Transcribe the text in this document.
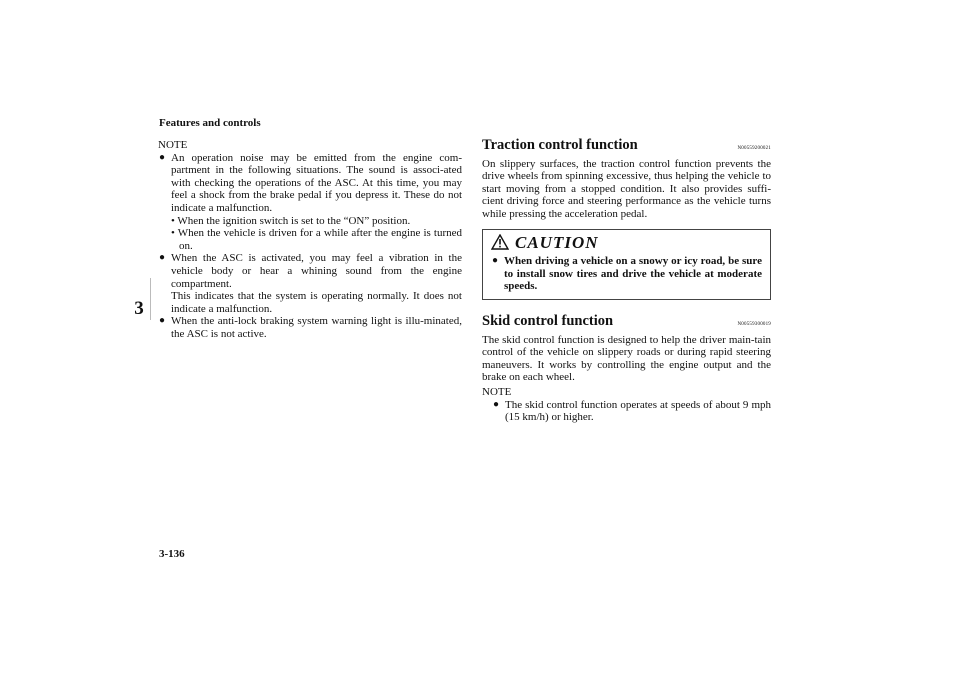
Features and controls
3

NOTE

● An operation noise may be emitted from the engine com-partment in the following situations. The sound is associ-ated with checking the operations of the ASC. At this time, you may feel a shock from the brake pedal if you depress it. These do not indicate a malfunction.

• When the ignition switch is set to the “ON” position.

• When the vehicle is driven for a while after the engine is turned on.

● When the ASC is activated, you may feel a vibration in the vehicle body or hear a whining sound from the engine compartment.

This indicates that the system is operating normally. It does not indicate a malfunction.

● When the anti-lock braking system warning light is illu-minated, the ASC is not active.

Traction control function	N00559200021

On slippery surfaces, the traction control function prevents the drive wheels from spinning excessive, thus helping the vehicle to start moving from a stopped condition. It also provides suffi-cient driving force and steering performance as the vehicle turns while pressing the acceleration pedal.

CAUTION
● When driving a vehicle on a snowy or icy road, be sure to install snow tires and drive the vehicle at moderate speeds.

Skid control function	N00559300019

The skid control function is designed to help the driver main-tain control of the vehicle on slippery roads or during rapid steering maneuvers. It works by controlling the engine output and the brake on each wheel.

NOTE

● The skid control function operates at speeds of about 9 mph (15 km/h) or higher.

3-136
